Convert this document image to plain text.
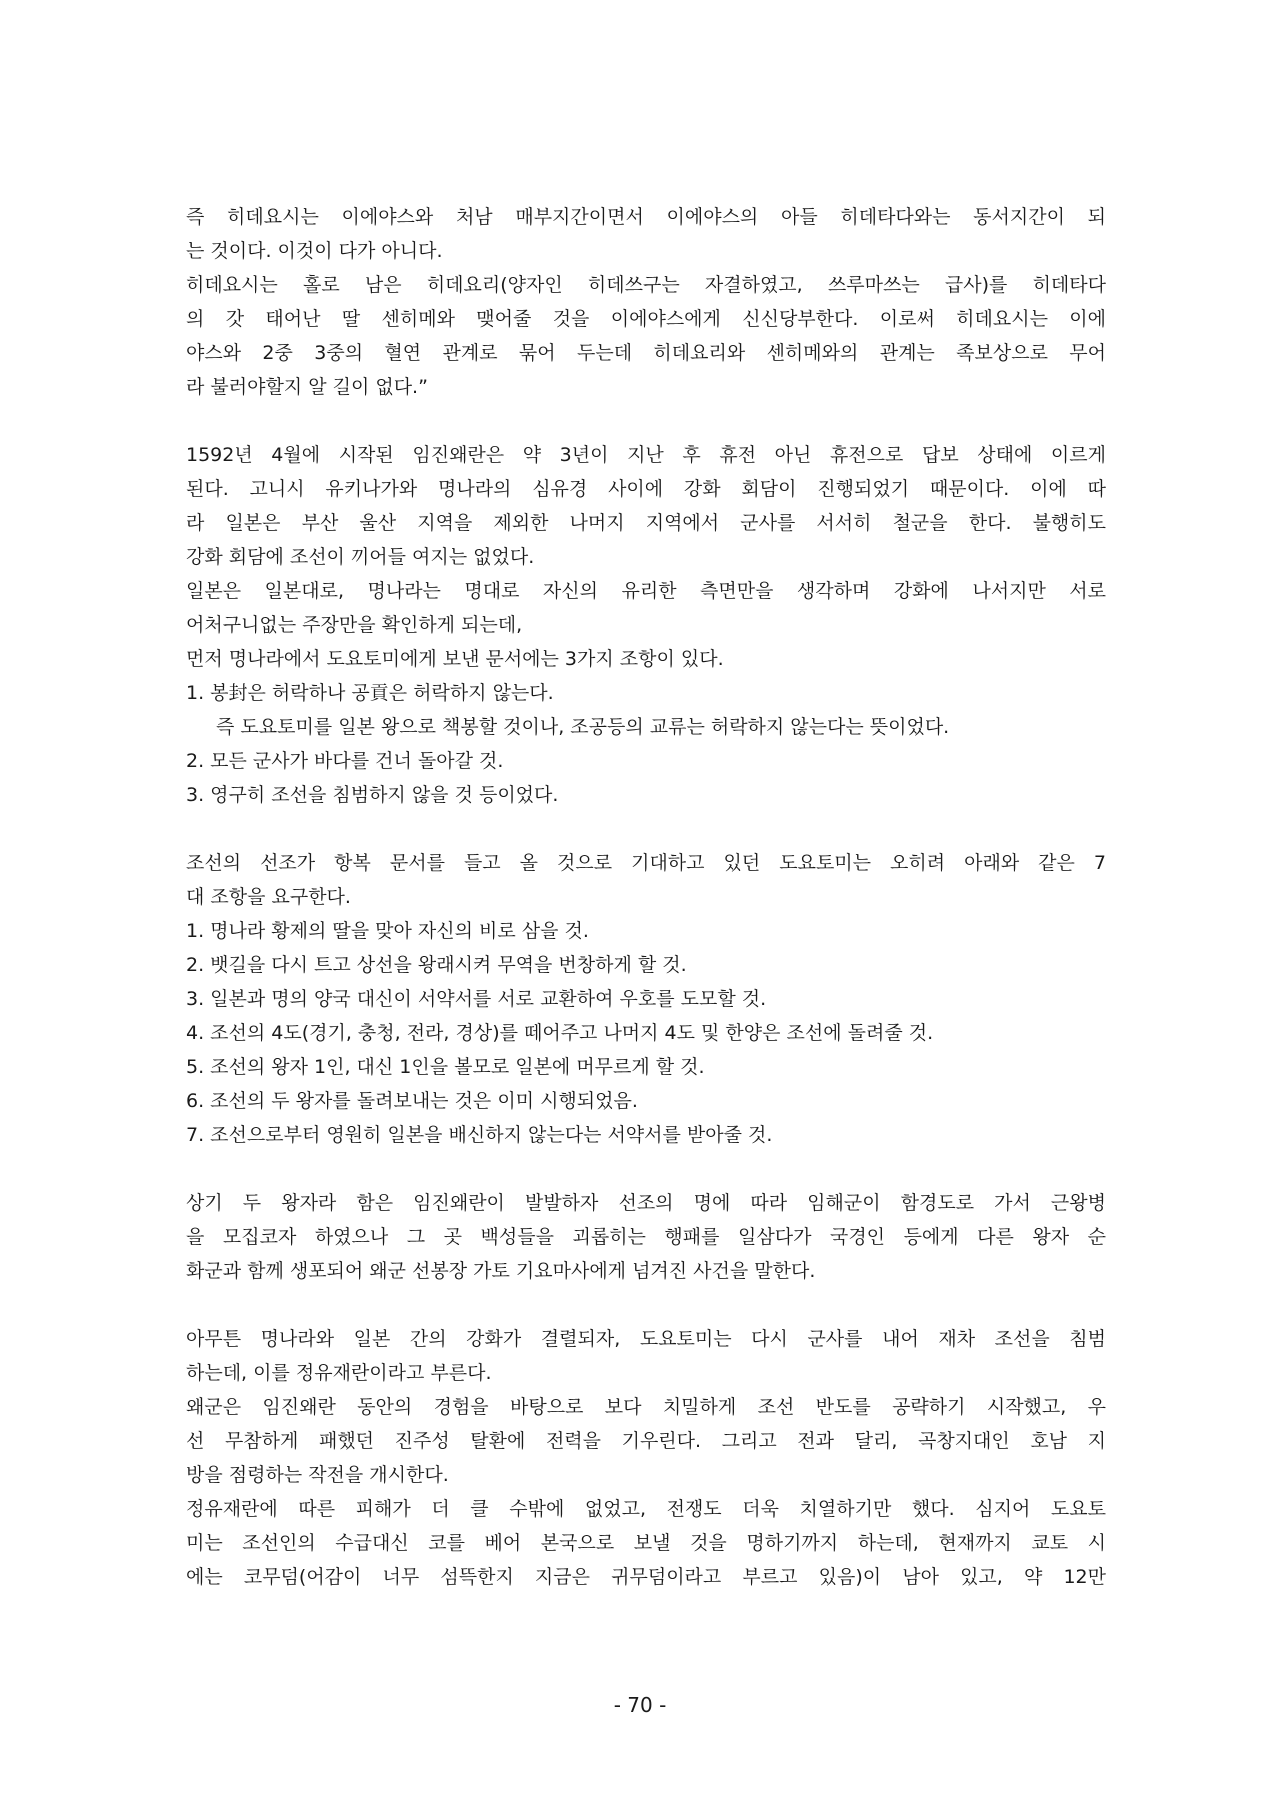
즉 히데요시는 이에야스와 처남 매부지간이면서 이에야스의 아들 히데타다와는 동서지간이 되
는 것이다. 이것이 다가 아니다.
히데요시는 홀로 남은 히데요리(양자인 히데쓰구는 자결하였고, 쓰루마쓰는 급사)를 히데타다
의 갓 태어난 딸 센히메와 맺어줄 것을 이에야스에게 신신당부한다. 이로써 히데요시는 이에
야스와 2중 3중의 혈연 관계로 묶어 두는데 히데요리와 센히메와의 관계는 족보상으로 무어
라 불러야할지 알 길이 없다.”
1592년 4월에 시작된 임진왜란은 약 3년이 지난 후 휴전 아닌 휴전으로 답보 상태에 이르게
된다. 고니시 유키나가와 명나라의 심유경 사이에 강화 회담이 진행되었기 때문이다. 이에 따
라 일본은 부산 울산 지역을 제외한 나머지 지역에서 군사를 서서히 철군을 한다. 불행히도
강화 회담에 조선이 끼어들 여지는 없었다.
일본은 일본대로, 명나라는 명대로 자신의 유리한 측면만을 생각하며 강화에 나서지만 서로
어처구니없는 주장만을 확인하게 되는데,
먼저 명나라에서 도요토미에게 보낸 문서에는 3가지 조항이 있다.
1. 봉封은 허락하나 공貢은 허락하지 않는다.
즉 도요토미를 일본 왕으로 책봉할 것이나, 조공등의 교류는 허락하지 않는다는 뜻이었다.
2. 모든 군사가 바다를 건너 돌아갈 것.
3. 영구히 조선을 침범하지 않을 것 등이었다.
조선의 선조가 항복 문서를 들고 올 것으로 기대하고 있던 도요토미는 오히려 아래와 같은 7
대 조항을 요구한다.
1. 명나라 황제의 딸을 맞아 자신의 비로 삼을 것.
2. 뱃길을 다시 트고 상선을 왕래시켜 무역을 번창하게 할 것.
3. 일본과 명의 양국 대신이 서약서를 서로 교환하여 우호를 도모할 것.
4. 조선의 4도(경기, 충청, 전라, 경상)를 떼어주고 나머지 4도 및 한양은 조선에 돌려줄 것.
5. 조선의 왕자 1인, 대신 1인을 볼모로 일본에 머무르게 할 것.
6. 조선의 두 왕자를 돌려보내는 것은 이미 시행되었음.
7. 조선으로부터 영원히 일본을 배신하지 않는다는 서약서를 받아줄 것.
상기 두 왕자라 함은 임진왜란이 발발하자 선조의 명에 따라 임해군이 함경도로 가서 근왕병
을 모집코자 하였으나 그 곳 백성들을 괴롭히는 행패를 일삼다가 국경인 등에게 다른 왕자 순
화군과 함께 생포되어 왜군 선봉장 가토 기요마사에게 넘겨진 사건을 말한다.
아무튼 명나라와 일본 간의 강화가 결렬되자, 도요토미는 다시 군사를 내어 재차 조선을 침범
하는데, 이를 정유재란이라고 부른다.
왜군은 임진왜란 동안의 경험을 바탕으로 보다 치밀하게 조선 반도를 공략하기 시작했고, 우
선 무참하게 패했던 진주성 탈환에 전력을 기우린다. 그리고 전과 달리, 곡창지대인 호남 지
방을 점령하는 작전을 개시한다.
정유재란에 따른 피해가 더 클 수밖에 없었고, 전쟁도 더욱 치열하기만 했다. 심지어 도요토
미는 조선인의 수급대신 코를 베어 본국으로 보낼 것을 명하기까지 하는데, 현재까지 쿄토 시
에는 코무덤(어감이 너무 섬뜩한지 지금은 귀무덤이라고 부르고 있음)이 남아 있고, 약 12만
- 70 -
